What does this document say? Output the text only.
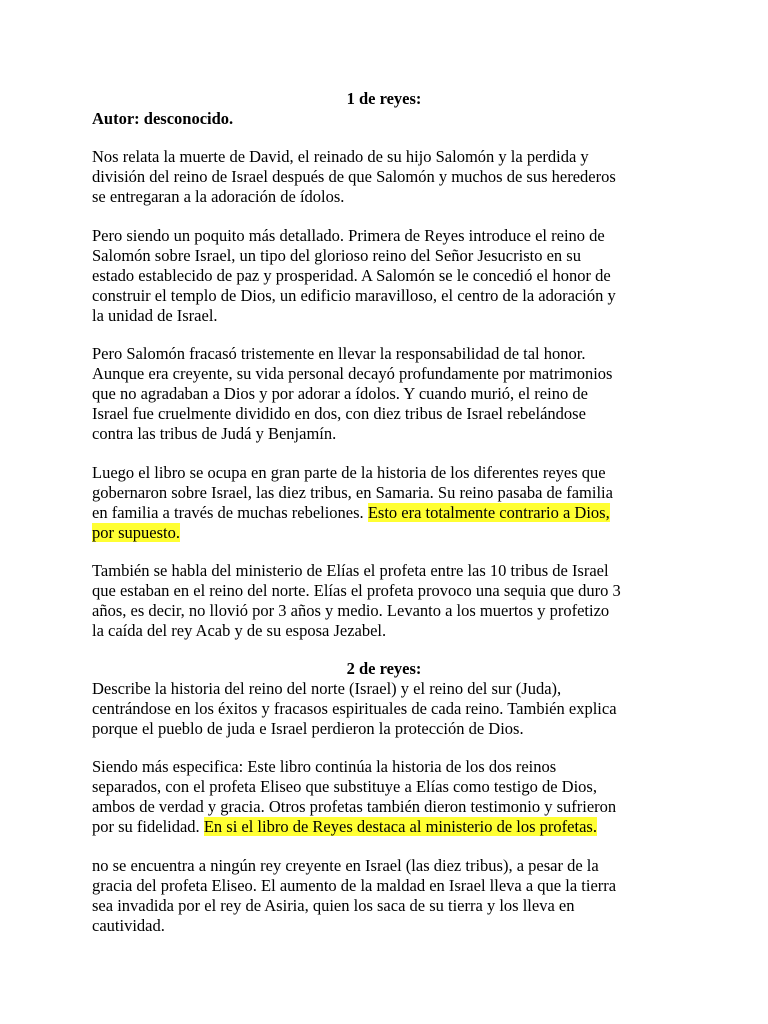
1 de reyes:
Autor: desconocido.
Nos relata la muerte de David, el reinado de su hijo Salomón y la perdida y
división del reino de Israel después de que Salomón y muchos de sus herederos
se entregaran a la adoración de ídolos.
Pero siendo un poquito más detallado. Primera de Reyes introduce el reino de
Salomón sobre Israel, un tipo del glorioso reino del Señor Jesucristo en su
estado establecido de paz y prosperidad. A Salomón se le concedió el honor de
construir el templo de Dios, un edificio maravilloso, el centro de la adoración y
la unidad de Israel.
Pero Salomón fracasó tristemente en llevar la responsabilidad de tal honor.
Aunque era creyente, su vida personal decayó profundamente por matrimonios
que no agradaban a Dios y por adorar a ídolos. Y cuando murió, el reino de
Israel fue cruelmente dividido en dos, con diez tribus de Israel rebelándose
contra las tribus de Judá y Benjamín.
Luego el libro se ocupa en gran parte de la historia de los diferentes reyes que
gobernaron sobre Israel, las diez tribus, en Samaria. Su reino pasaba de familia
en familia a través de muchas rebeliones. Esto era totalmente contrario a Dios,
por supuesto.
También se habla del ministerio de Elías el profeta entre las 10 tribus de Israel
que estaban en el reino del norte. Elías el profeta provoco una sequia que duro 3
años, es decir, no llovió por 3 años y medio. Levanto a los muertos y profetizo
la caída del rey Acab y de su esposa Jezabel.
2 de reyes:
Describe la historia del reino del norte (Israel) y el reino del sur (Juda),
centrándose en los éxitos y fracasos espirituales de cada reino. También explica
porque el pueblo de juda e Israel perdieron la protección de Dios.
Siendo más especifica: Este libro continúa la historia de los dos reinos
separados, con el profeta Eliseo que substituye a Elías como testigo de Dios,
ambos de verdad y gracia. Otros profetas también dieron testimonio y sufrieron
por su fidelidad. En si el libro de Reyes destaca al ministerio de los profetas.
no se encuentra a ningún rey creyente en Israel (las diez tribus), a pesar de la
gracia del profeta Eliseo. El aumento de la maldad en Israel lleva a que la tierra
sea invadida por el rey de Asiria, quien los saca de su tierra y los lleva en
cautividad.
